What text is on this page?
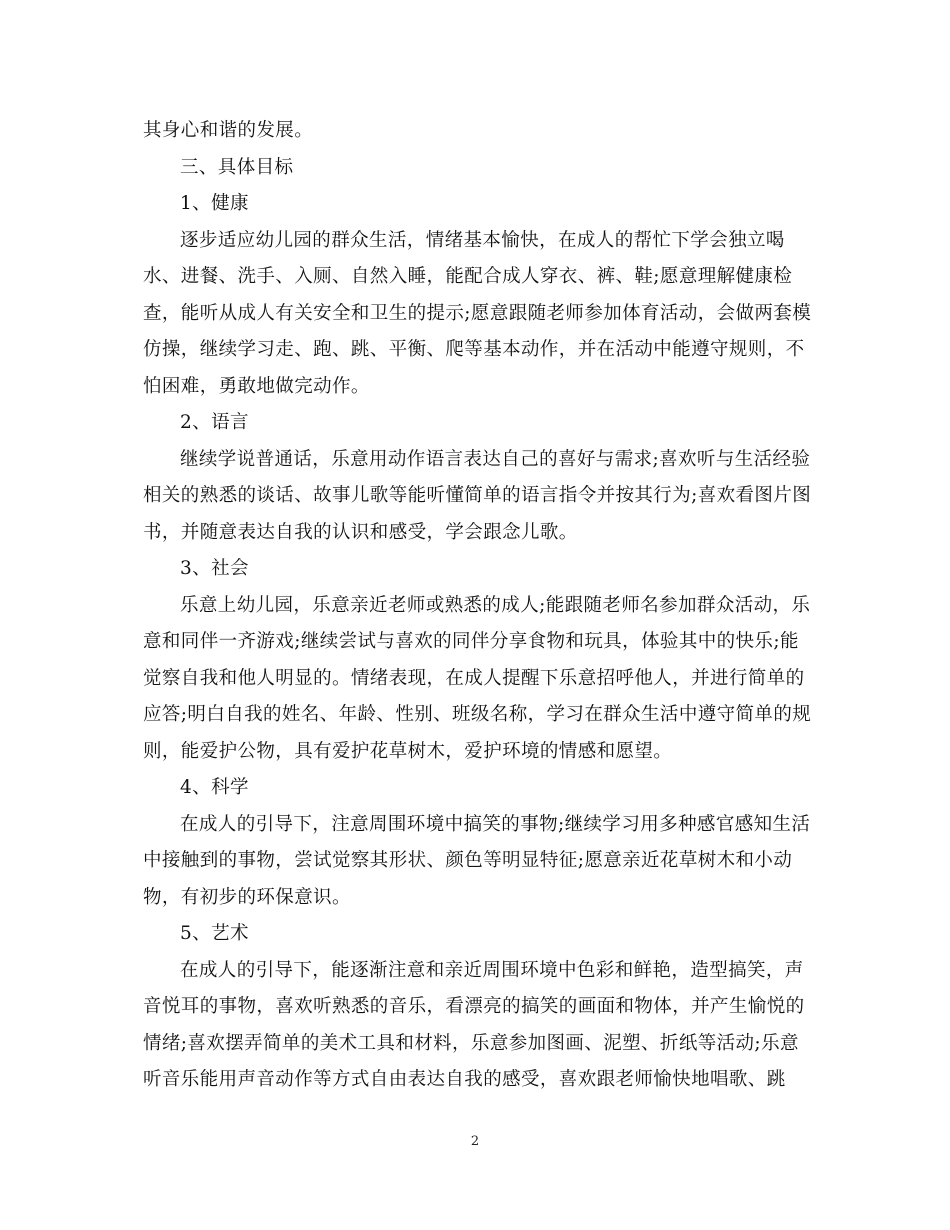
其身心和谐的发展。
三、具体目标
1、健康
逐步适应幼儿园的群众生活，情绪基本愉快，在成人的帮忙下学会独立喝
水、进餐、洗手、入厕、自然入睡，能配合成人穿衣、裤、鞋;愿意理解健康检
查，能听从成人有关安全和卫生的提示;愿意跟随老师参加体育活动，会做两套模
仿操，继续学习走、跑、跳、平衡、爬等基本动作，并在活动中能遵守规则，不
怕困难，勇敢地做完动作。
2、语言
继续学说普通话，乐意用动作语言表达自己的喜好与需求;喜欢听与生活经验
相关的熟悉的谈话、故事儿歌等能听懂简单的语言指令并按其行为;喜欢看图片图
书，并随意表达自我的认识和感受，学会跟念儿歌。
3、社会
乐意上幼儿园，乐意亲近老师或熟悉的成人;能跟随老师名参加群众活动，乐
意和同伴一齐游戏;继续尝试与喜欢的同伴分享食物和玩具，体验其中的快乐;能
觉察自我和他人明显的。情绪表现，在成人提醒下乐意招呼他人，并进行简单的
应答;明白自我的姓名、年龄、性别、班级名称，学习在群众生活中遵守简单的规
则，能爱护公物，具有爱护花草树木，爱护环境的情感和愿望。
4、科学
在成人的引导下，注意周围环境中搞笑的事物;继续学习用多种感官感知生活
中接触到的事物，尝试觉察其形状、颜色等明显特征;愿意亲近花草树木和小动
物，有初步的环保意识。
5、艺术
在成人的引导下，能逐渐注意和亲近周围环境中色彩和鲜艳，造型搞笑，声
音悦耳的事物，喜欢听熟悉的音乐，看漂亮的搞笑的画面和物体，并产生愉悦的
情绪;喜欢摆弄简单的美术工具和材料，乐意参加图画、泥塑、折纸等活动;乐意
听音乐能用声音动作等方式自由表达自我的感受，喜欢跟老师愉快地唱歌、跳
2
